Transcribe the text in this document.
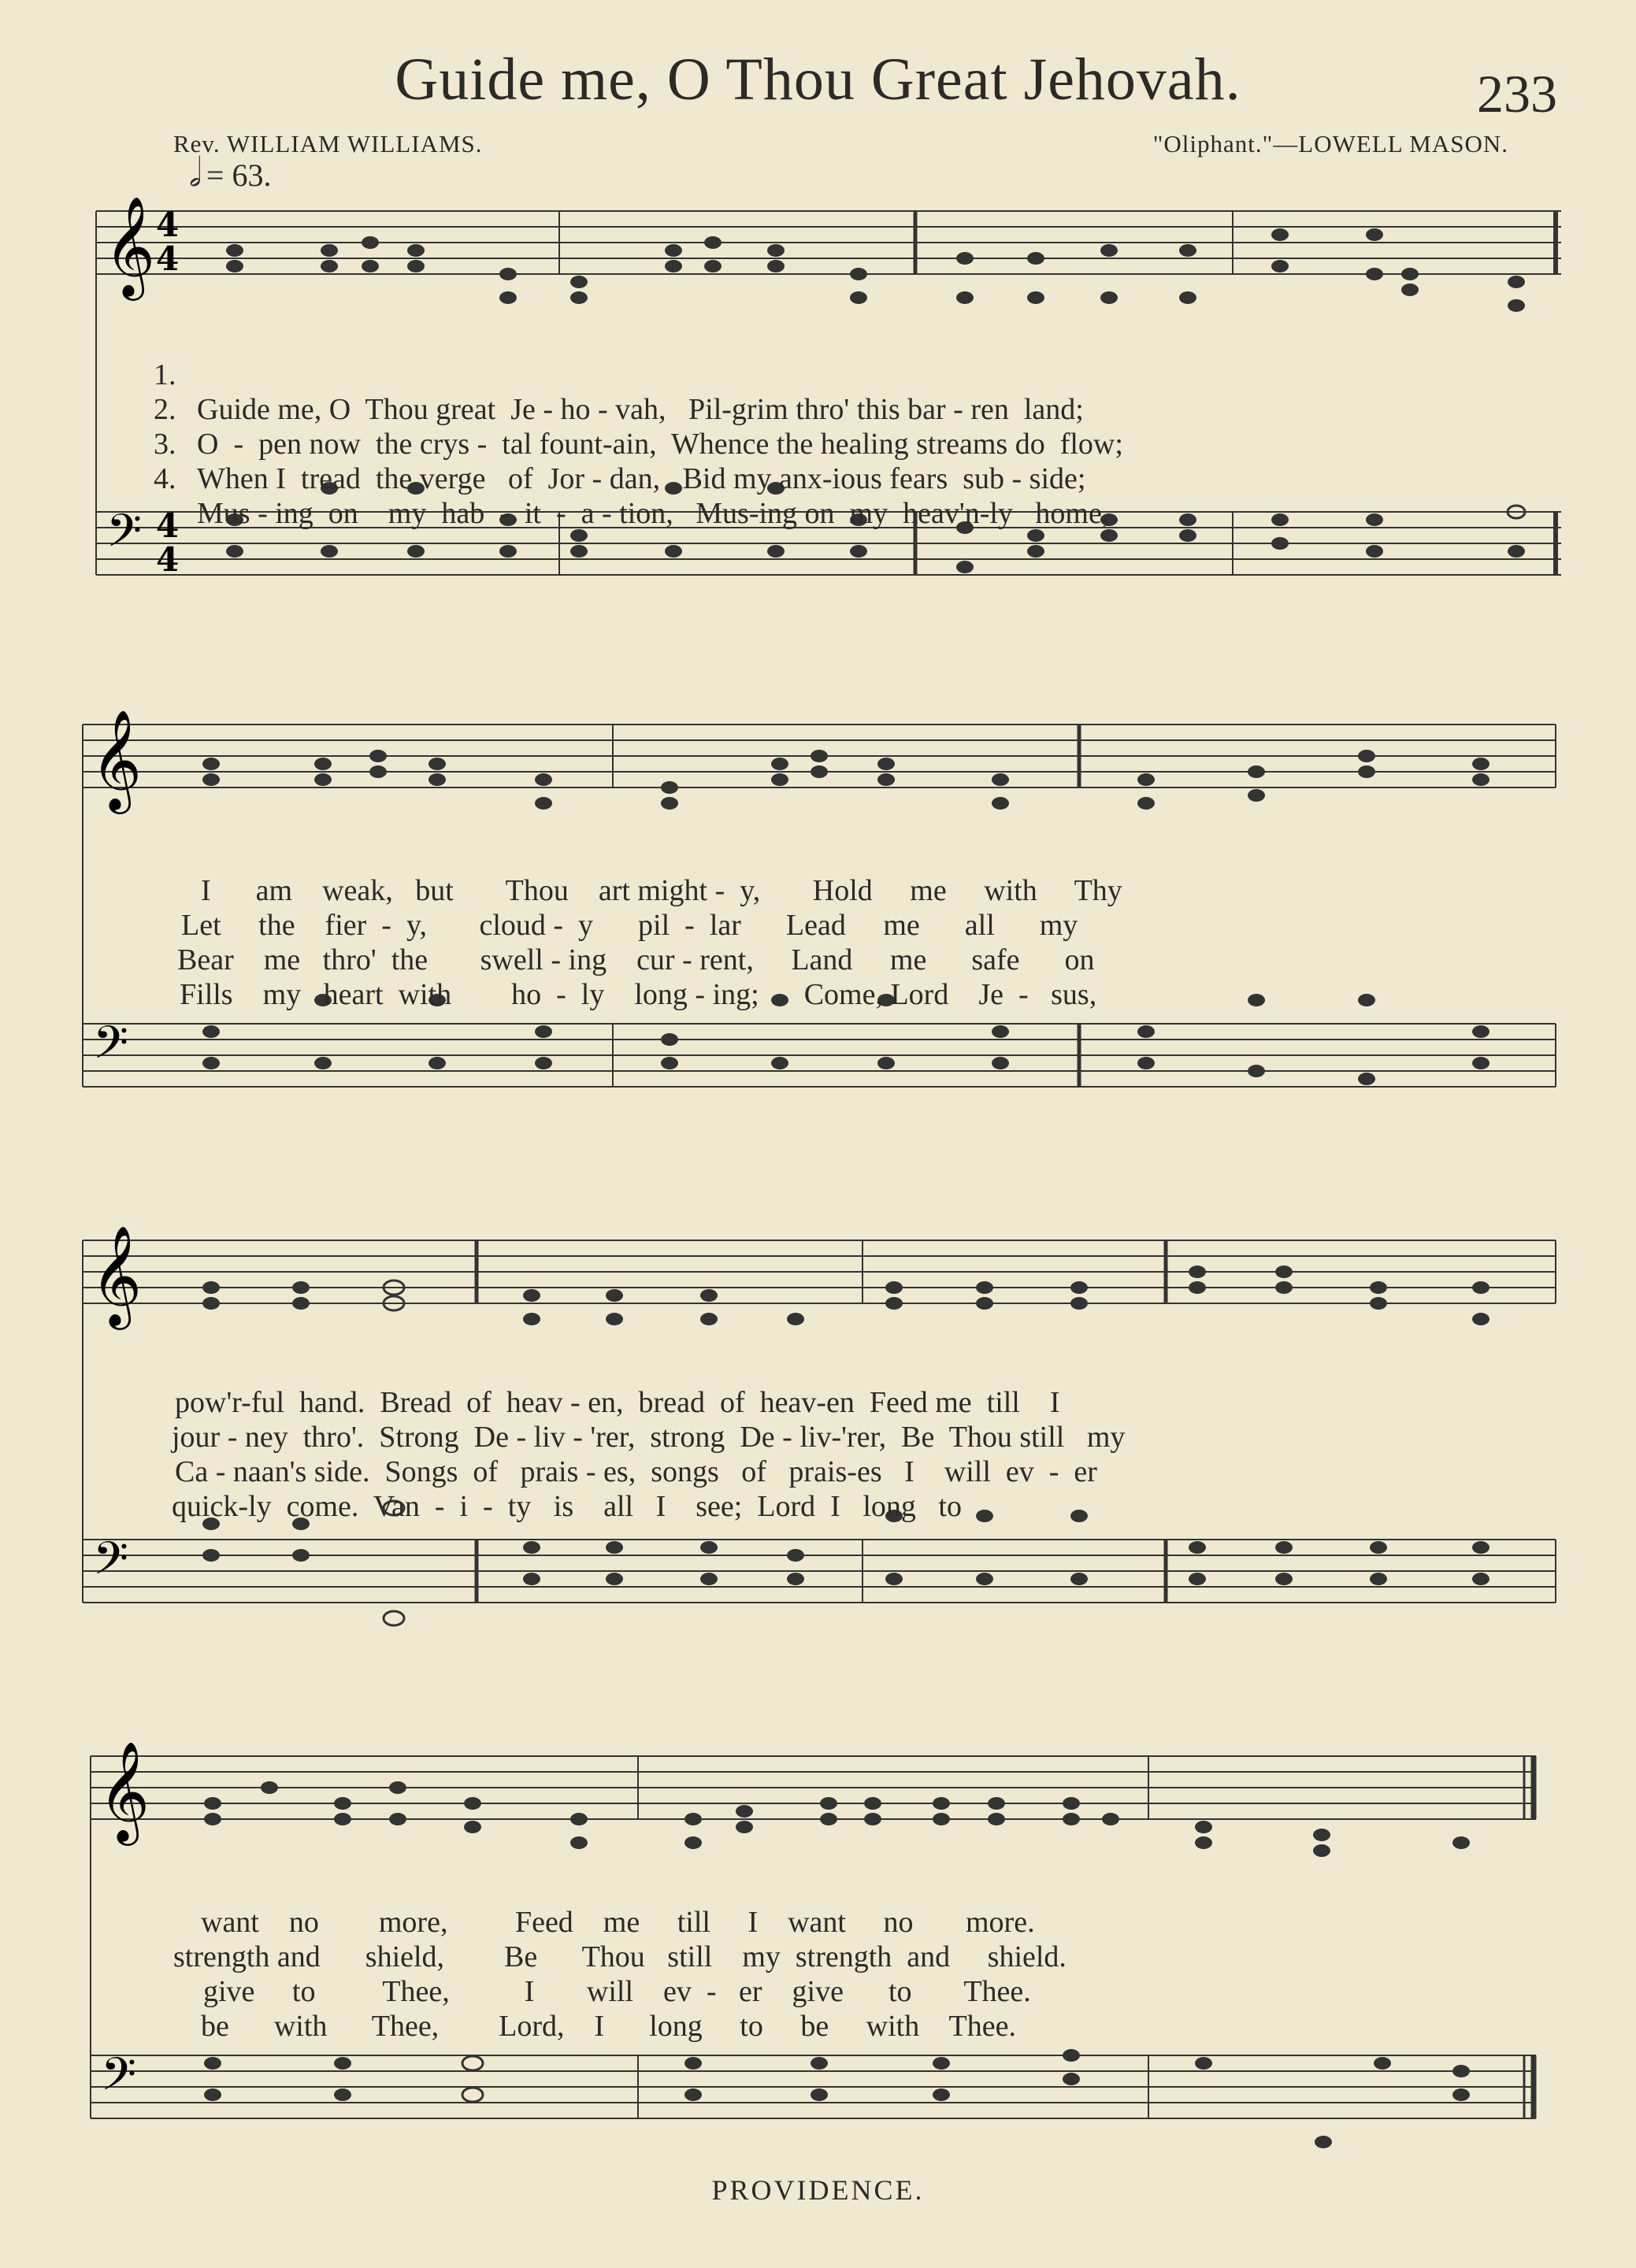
Guide me, O Thou Great Jehovah.	233
Rev. WILLIAM WILLIAMS.	"Oliphant."—LOWELL MASON.
𝅗𝅥 = 63.
𝄞 4
4
𝄢 4
4

1.

Guide me, O  Thou great  Je - ho - vah,   Pil-grim thro' this bar - ren  land;

2.

O  -  pen now  the crys -  tal fount-ain,  Whence the healing streams do  flow;

3.

When I  tread  the verge   of  Jor - dan,   Bid my anx-ious fears  sub - side;

4.

Mus - ing  on    my  hab  -  it  -  a - tion,   Mus-ing on  my  heav'n-ly   home,

𝄞
𝄢

I      am    weak,   but       Thou    art might -  y,       Hold     me     with     Thy

Let     the    fier  -  y,       cloud -  y      pil  -  lar      Lead     me      all      my

Bear    me   thro'  the       swell - ing    cur - rent,     Land     me      safe      on

Fills    my   heart  with        ho  -  ly    long - ing;      Come, Lord    Je  -   sus,

𝄞
𝄢

pow'r-ful  hand.  Bread  of  heav - en,  bread  of  heav-en  Feed me  till    I

jour - ney  thro'.  Strong  De - liv - 'rer,  strong  De - liv-'rer,  Be  Thou still   my

Ca - naan's side.  Songs  of   prais - es,  songs   of   prais-es   I    will  ev  -  er

quick-ly  come.  Van  -  i  -  ty   is    all   I    see;  Lord  I   long   to

𝄞
𝄢

want    no        more,         Feed    me     till     I    want     no       more.

strength and      shield,        Be      Thou   still    my  strength  and     shield.

give     to         Thee,          I       will    ev  -   er    give      to       Thee.

be      with      Thee,        Lord,    I      long     to     be     with    Thee.

PROVIDENCE.
